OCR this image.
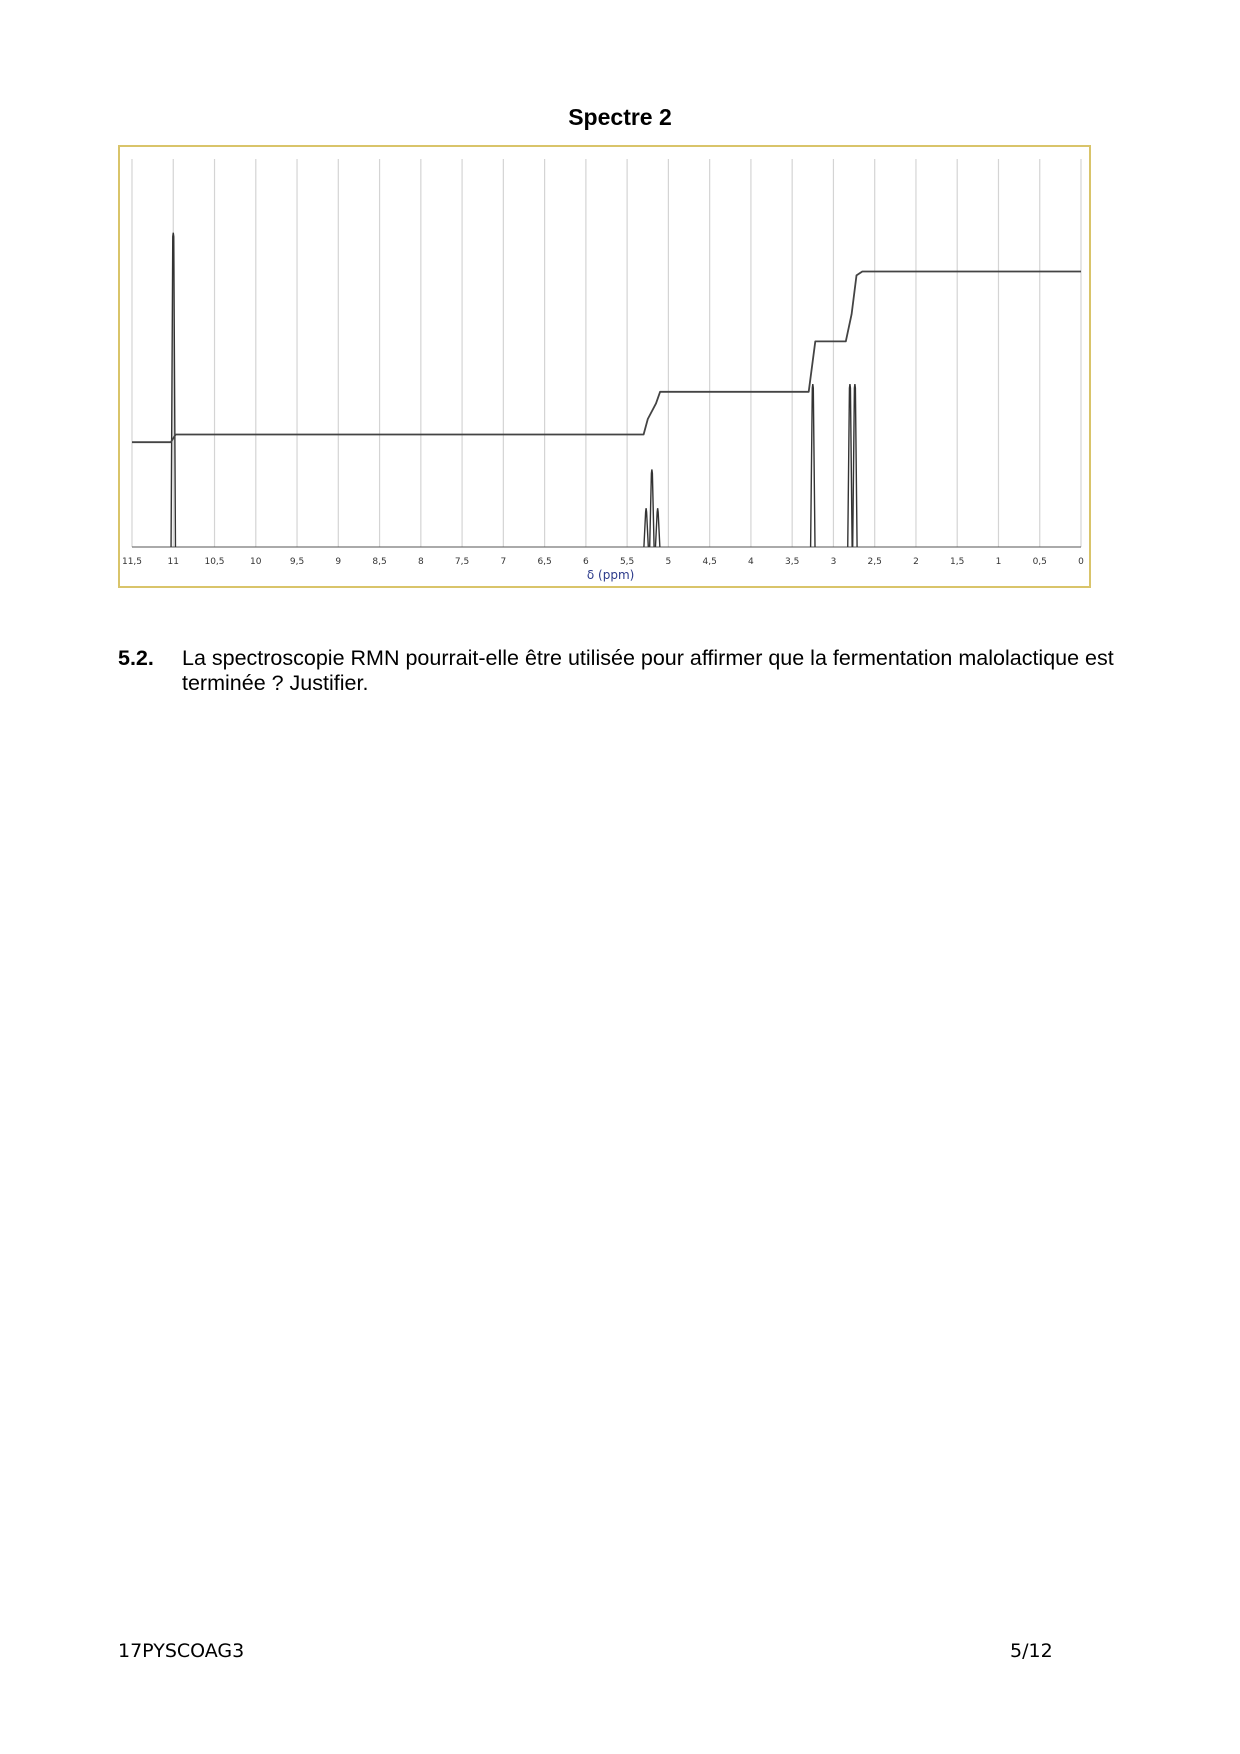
Spectre 2
11,5	11	10,5	10	9,5	9	8,5	8	7,5	7	6,5	6	5,5	5	4,5	4	3,5	3	2,5	2	1,5	1	0,5	0
δ (ppm)
5.2. La spectroscopie RMN pourrait-elle être utilisée pour affirmer que la fermentation malolactique est terminée ? Justifier.
17PYSCOAG3	5/12
